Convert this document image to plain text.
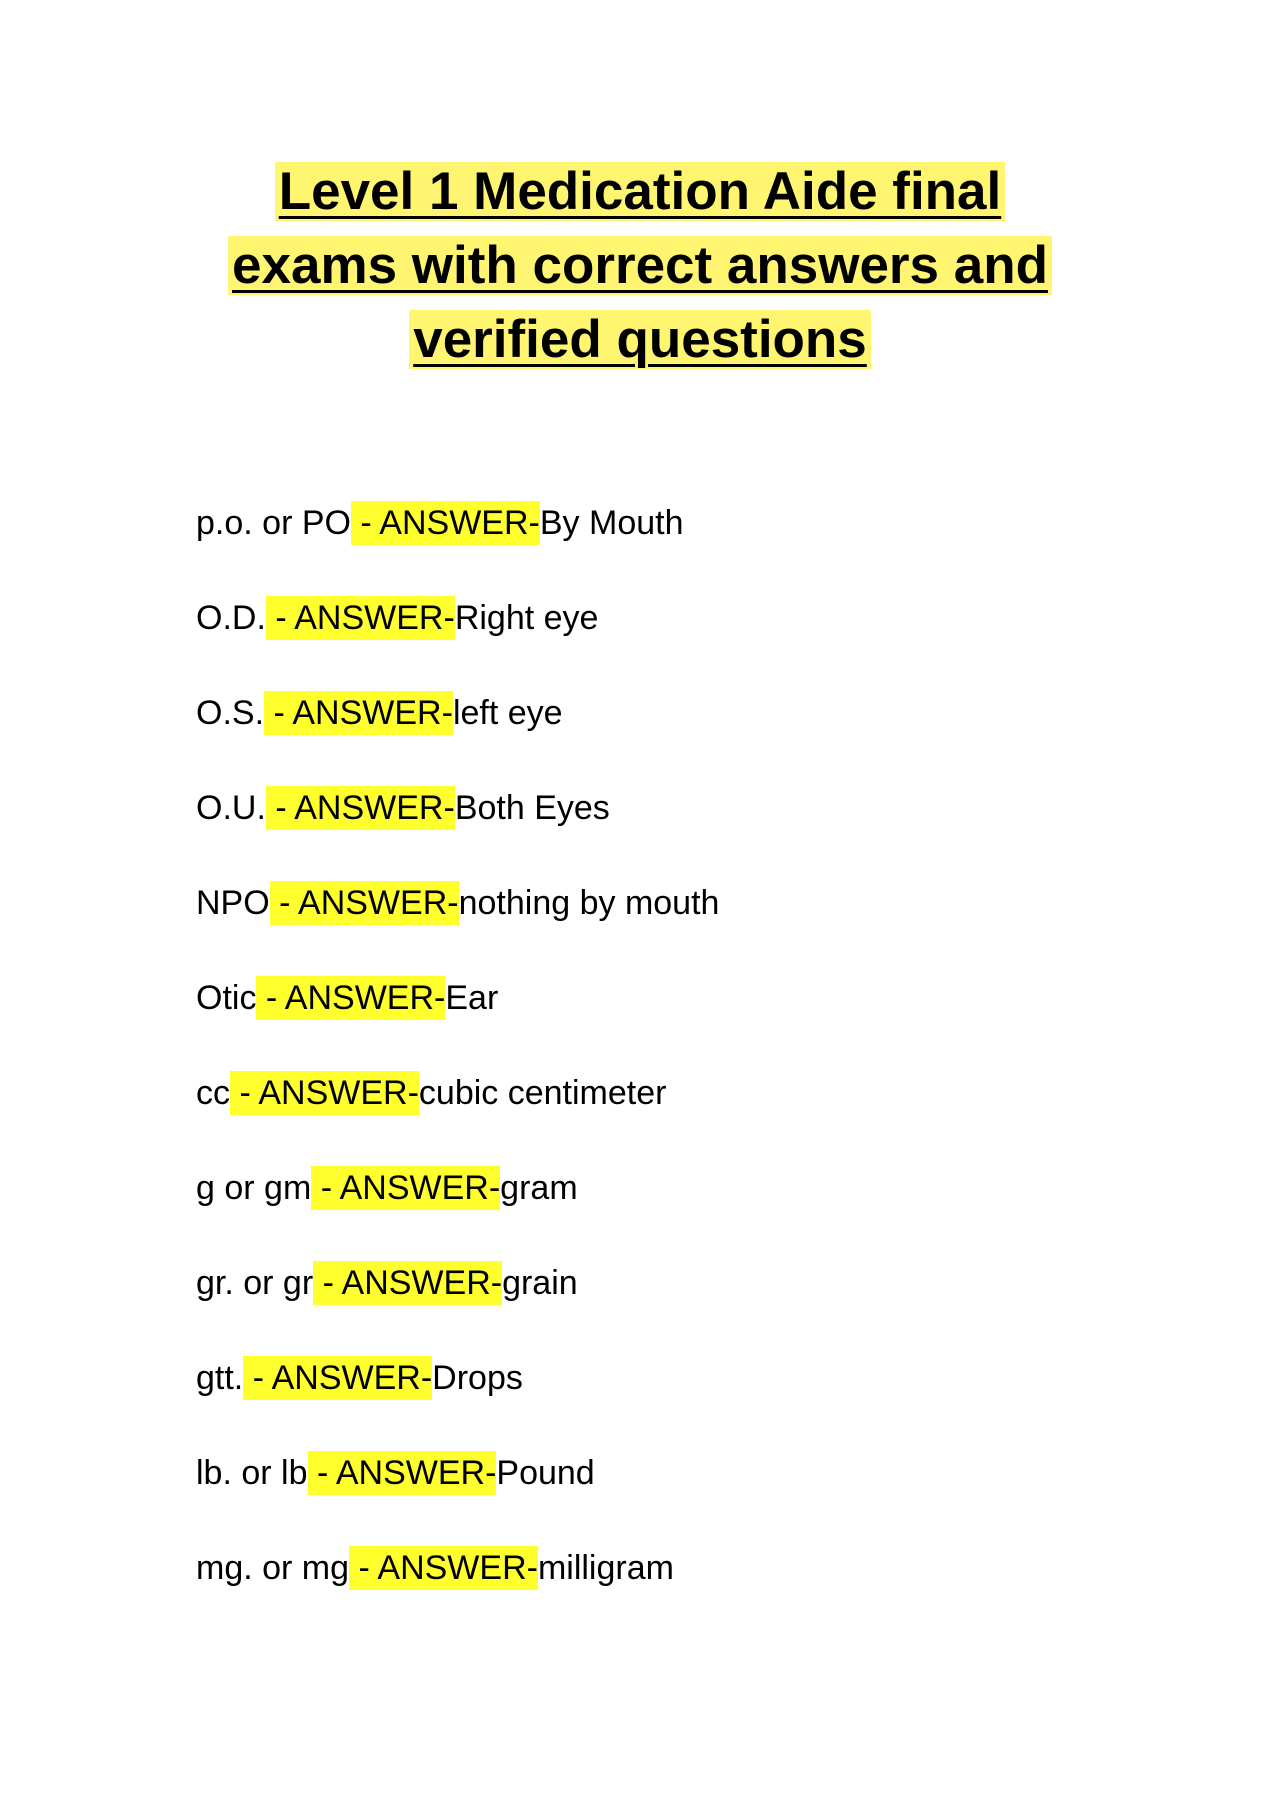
Level 1 Medication Aide final
exams with correct answers and
verified questions
p.o. or PO - ANSWER-By Mouth
O.D. - ANSWER-Right eye
O.S. - ANSWER-left eye
O.U. - ANSWER-Both Eyes
NPO - ANSWER-nothing by mouth
Otic - ANSWER-Ear
cc - ANSWER-cubic centimeter
g or gm - ANSWER-gram
gr. or gr - ANSWER-grain
gtt. - ANSWER-Drops
lb. or lb - ANSWER-Pound
mg. or mg - ANSWER-milligram
